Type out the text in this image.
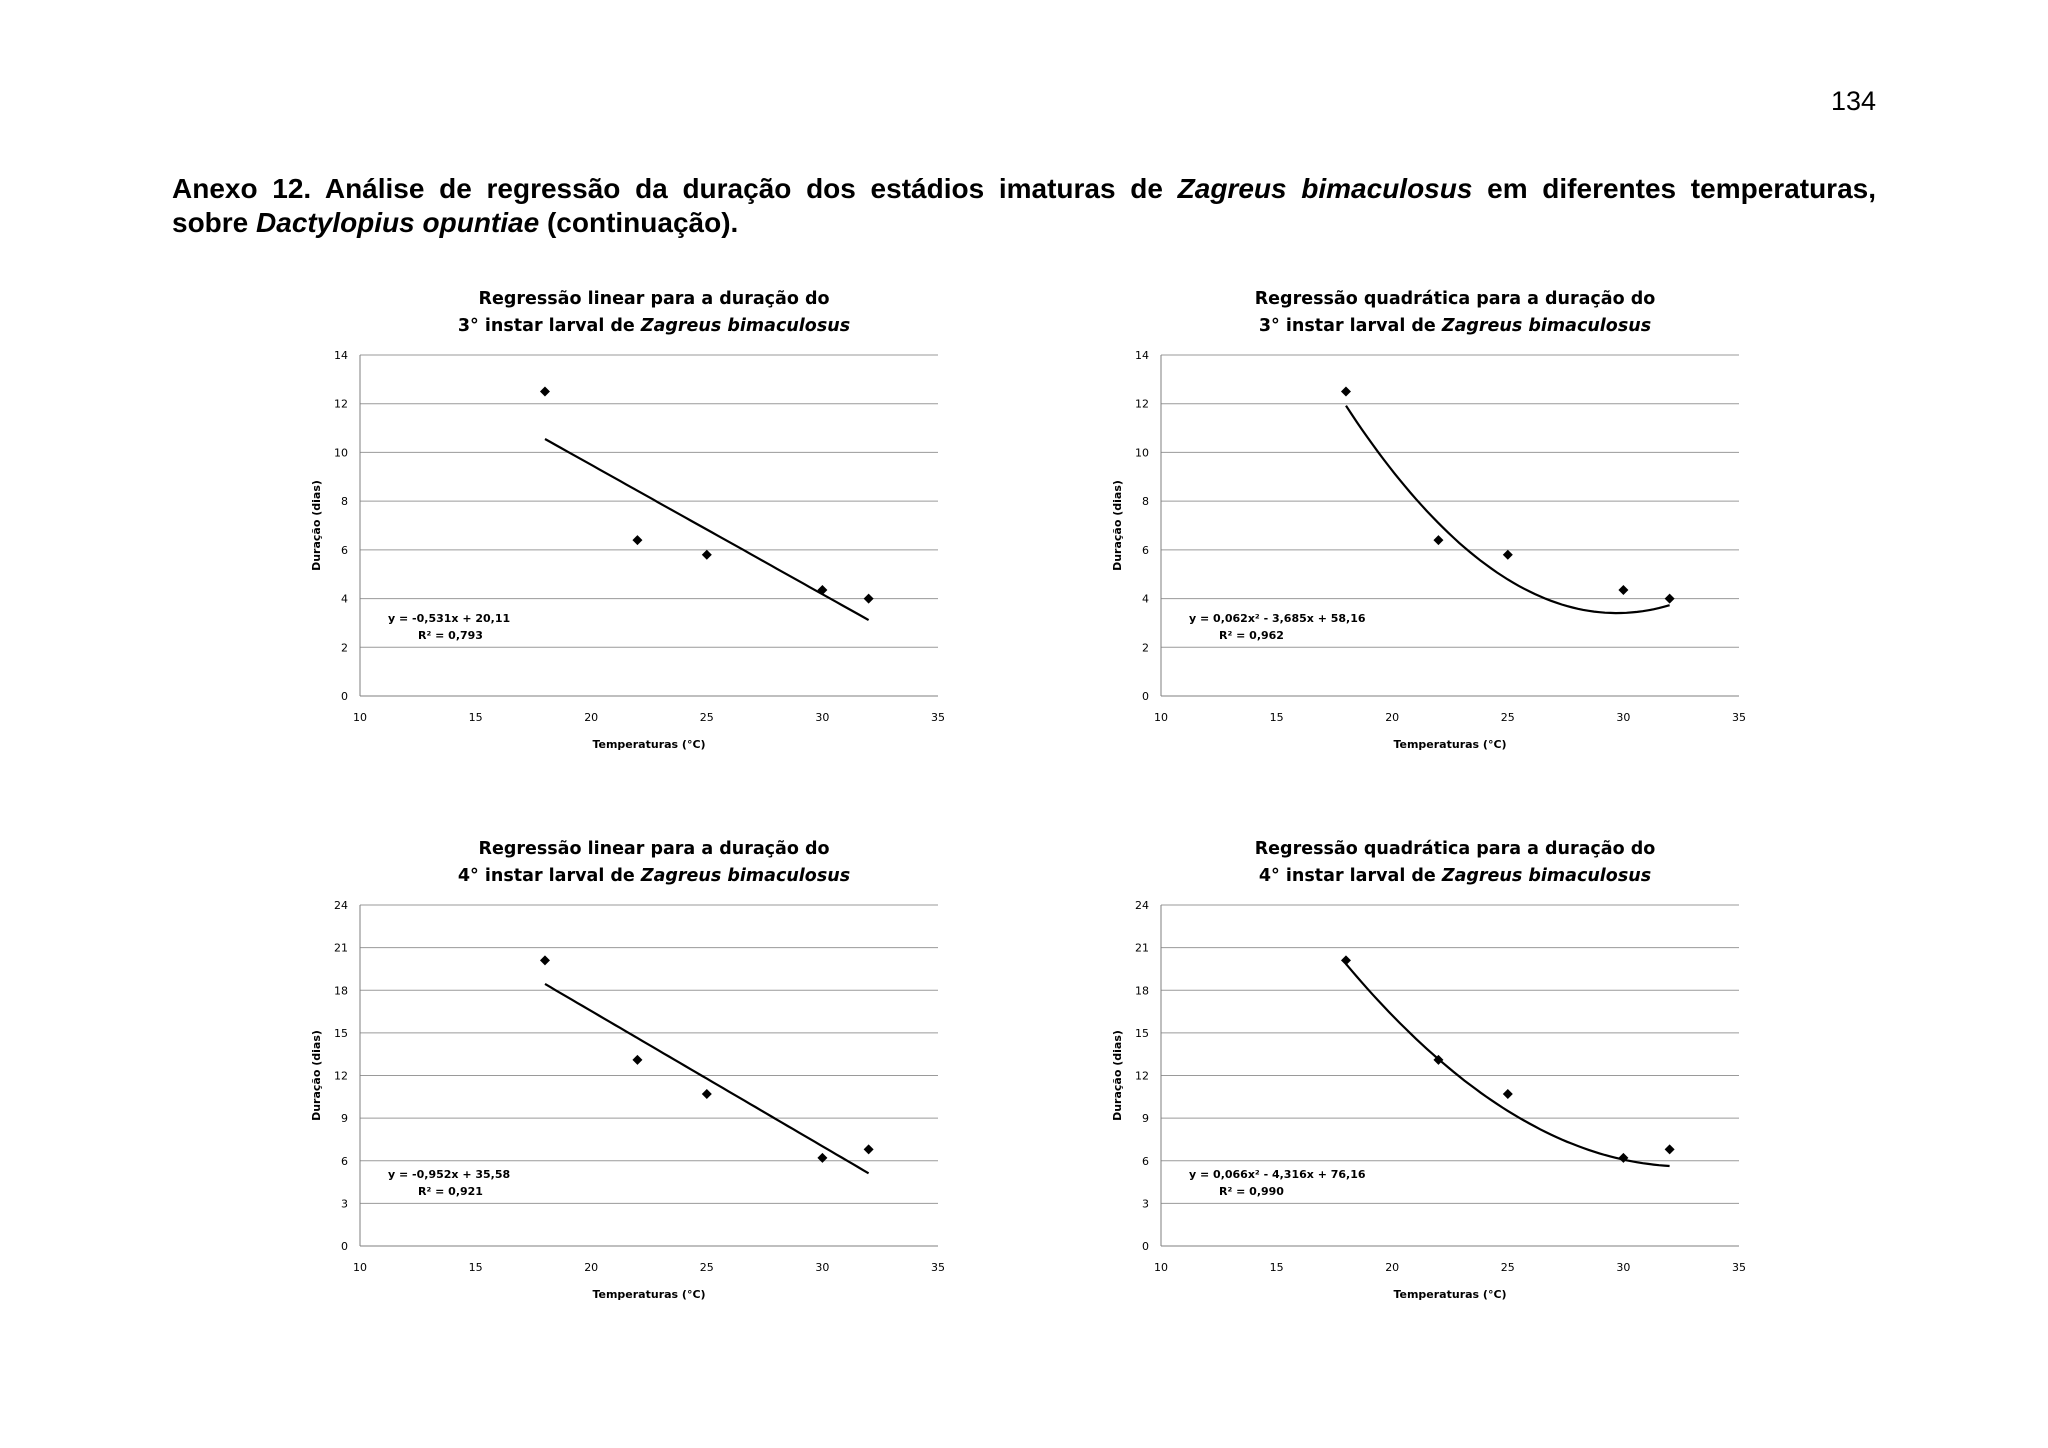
134
Anexo 12. Análise de regressão da duração dos estádios imaturas de Zagreus bimaculosus em diferentes temperaturas,
sobre Dactylopius opuntiae (continuação).
Regressão linear para a duração do
3° instar larval de Zagreus bimaculosus
0
2
4
6
8
10
12
14
10	15	20	25	30	35
Temperaturas (°C)
Duração (dias)
y = -0,531x + 20,11
R² = 0,793
Regressão quadrática para a duração do
3° instar larval de Zagreus bimaculosus
0
2
4
6
8
10
12
14
10	15	20	25	30	35
Temperaturas (°C)
Duração (dias)
y = 0,062x² - 3,685x + 58,16
R² = 0,962
Regressão linear para a duração do
4° instar larval de Zagreus bimaculosus
0
3
6
9
12
15
18
21
24
10	15	20	25	30	35
Temperaturas (°C)
Duração (dias)
y = -0,952x + 35,58
R² = 0,921
Regressão quadrática para a duração do
4° instar larval de Zagreus bimaculosus
0
3
6
9
12
15
18
21
24
10	15	20	25	30	35
Temperaturas (°C)
Duração (dias)
y = 0,066x² - 4,316x + 76,16
R² = 0,990
